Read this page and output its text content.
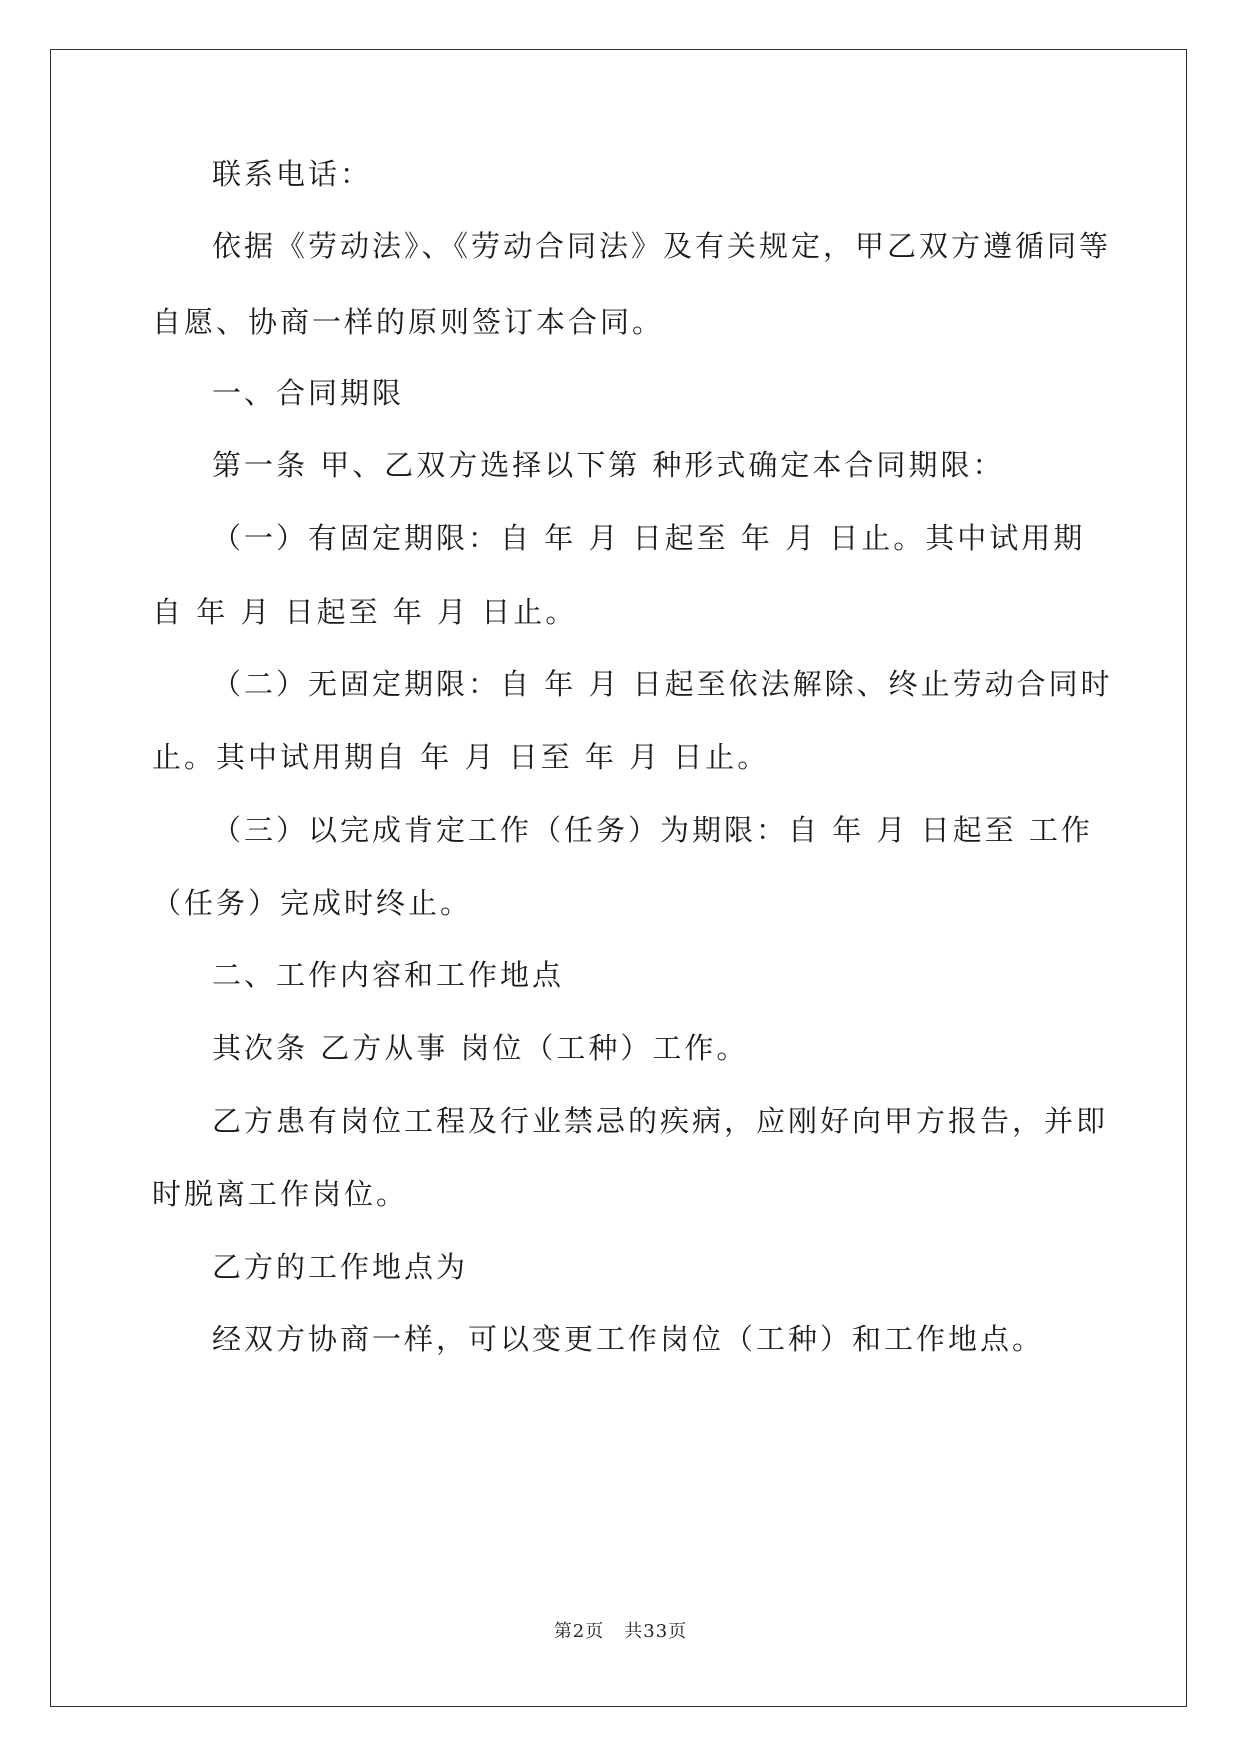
联系电话：
依据《劳动法》、《劳动合同法》及有关规定，甲乙双方遵循同等
自愿、协商一样的原则签订本合同。
一、合同期限
第一条 甲、乙双方选择以下第 种形式确定本合同期限：
（一）有固定期限：自 年 月 日起至 年 月 日止。其中试用期
自 年 月 日起至 年 月 日止。
（二）无固定期限：自 年 月 日起至依法解除、终止劳动合同时
止。其中试用期自 年 月 日至 年 月 日止。
（三）以完成肯定工作（任务）为期限：自 年 月 日起至 工作
（任务）完成时终止。
二、工作内容和工作地点
其次条 乙方从事 岗位（工种）工作。
乙方患有岗位工程及行业禁忌的疾病，应刚好向甲方报告，并即
时脱离工作岗位。
乙方的工作地点为
经双方协商一样，可以变更工作岗位（工种）和工作地点。
第2页 共33页
